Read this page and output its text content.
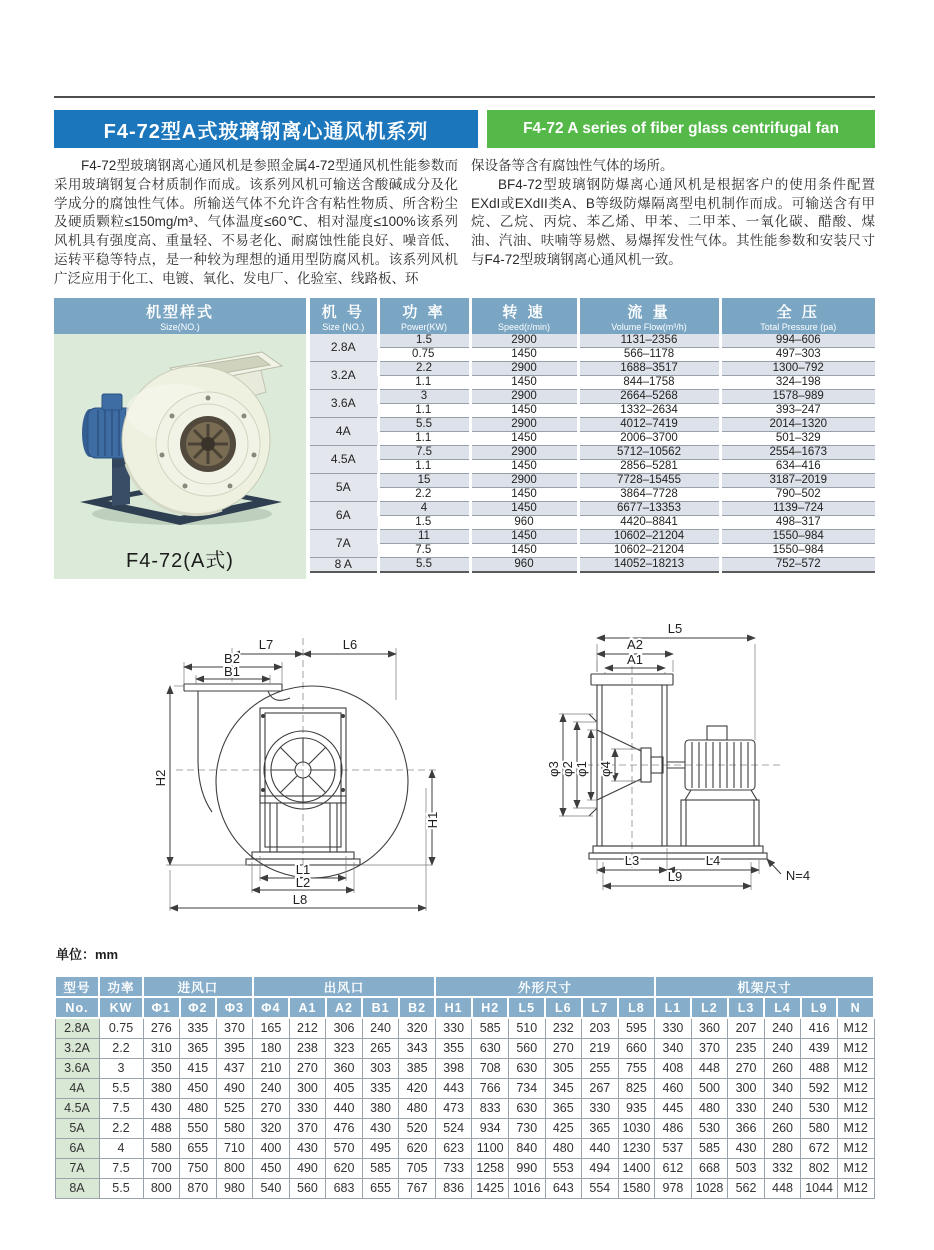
F4-72型A式玻璃钢离心通风机系列	F4-72 A series of fiber glass centrifugal fan

F4-72型玻璃钢离心通风机是参照金属4-72型通风机性能参数而采用玻璃钢复合材质制作而成。该系列风机可输送含酸碱成分及化学成分的腐蚀性气体。所输送气体不允许含有粘性物质、所含粉尘及硬质颗粒≤150mg/m³、气体温度≤60℃、相对湿度≤100%该系列风机具有强度高、重量轻、不易老化、耐腐蚀性能良好、噪音低、运转平稳等特点，是一种较为理想的通用型防腐风机。该系列风机广泛应用于化工、电镀、氧化、发电厂、化验室、线路板、环

保设备等含有腐蚀性气体的场所。

BF4-72型玻璃钢防爆离心通风机是根据客户的使用条件配置EXdI或EXdII类A、B等级防爆隔离型电机制作而成。可输送含有甲烷、乙烷、丙烷、苯乙烯、甲苯、二甲苯、一氧化碳、醋酸、煤油、汽油、呋喃等易燃、易爆挥发性气体。其性能参数和安装尺寸与F4-72型玻璃钢离心通风机一致。

机型样式
Size(NO.)
F4-72(A式)
机 号
Size (NO.)

功 率
Power(KW)

转 速
Speed(r/min)

流 量
Volume Flow(m³/h)

全 压
Total Pressure (pa)

2.8A	1.5	2900	1131–2356	994–606
	0.75	1450	566–1178	497–303
3.2A	2.2	2900	1688–3517	1300–792
	1.1	1450	844–1758	324–198
3.6A	3	2900	2664–5268	1578–989
	1.1	1450	1332–2634	393–247
4A	5.5	2900	4012–7419	2014–1320
	1.1	1450	2006–3700	501–329
4.5A	7.5	2900	5712–10562	2554–1673
	1.1	1450	2856–5281	634–416
5A	15	2900	7728–15455	3187–2019
	2.2	1450	3864–7728	790–502
6A	4	1450	6677–13353	1139–724
	1.5	960	4420–8841	498–317
7A	11	1450	10602–21204	1550–984
	7.5	1450	10602–21204	1550–984
8 A	5.5	960	14052–18213	752–572
L7	L6
B2
B1
H2
H1
L1
L2
L8
L5
A2
A1
φ3 φ2 φ1 φ4
L3	L4
L9	N=4
单位：mm
型号	功率	进风口			出风口					外形尺寸						机架尺寸					
No.	KW	Φ1	Φ2	Φ3	Φ4	A1	A2	B1	B2	H1	H2	L5	L6	L7	L8	L1	L2	L3	L4	L9	N
2.8A	0.75	276	335	370	165	212	306	240	320	330	585	510	232	203	595	330	360	207	240	416	M12
3.2A	2.2	310	365	395	180	238	323	265	343	355	630	560	270	219	660	340	370	235	240	439	M12
3.6A	3	350	415	437	210	270	360	303	385	398	708	630	305	255	755	408	448	270	260	488	M12
4A	5.5	380	450	490	240	300	405	335	420	443	766	734	345	267	825	460	500	300	340	592	M12
4.5A	7.5	430	480	525	270	330	440	380	480	473	833	630	365	330	935	445	480	330	240	530	M12
5A	2.2	488	550	580	320	370	476	430	520	524	934	730	425	365	1030	486	530	366	260	580	M12
6A	4	580	655	710	400	430	570	495	620	623	1100	840	480	440	1230	537	585	430	280	672	M12
7A	7.5	700	750	800	450	490	620	585	705	733	1258	990	553	494	1400	612	668	503	332	802	M12
8A	5.5	800	870	980	540	560	683	655	767	836	1425	1016	643	554	1580	978	1028	562	448	1044	M12
